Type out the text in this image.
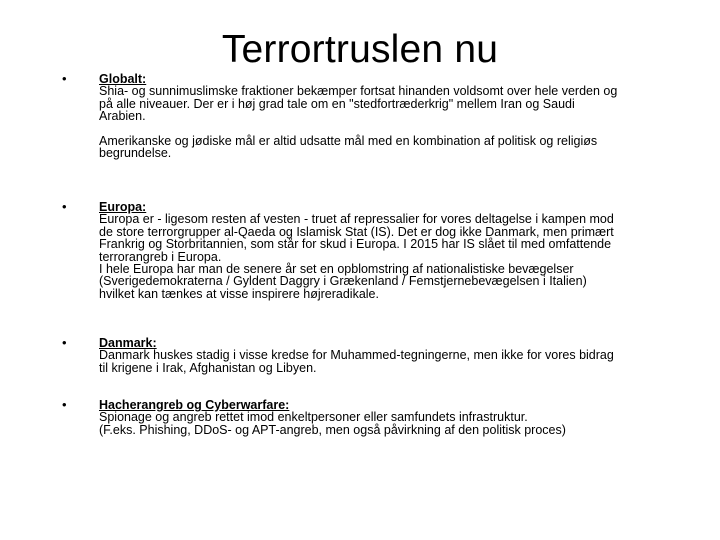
Terrortruslen nu
•	Globalt:
Shia- og sunnimuslimske fraktioner bekæmper fortsat hinanden voldsomt over hele verden og
på alle niveauer. Der er i høj grad tale om en "stedfortræderkrig" mellem Iran og Saudi
Arabien.
Amerikanske og jødiske mål er altid udsatte mål med en kombination af politisk og religiøs
begrundelse.
•	Europa:
Europa er - ligesom resten af vesten - truet af repressalier for vores deltagelse i kampen mod
de store terrorgrupper al-Qaeda og Islamisk Stat (IS). Det er dog ikke Danmark, men primært
Frankrig og Storbritannien, som står for skud i Europa. I 2015 har IS slået til med omfattende
terrorangreb i Europa.
I hele Europa har man de senere år set en opblomstring af nationalistiske bevægelser
(Sverigedemokraterna / Gyldent Daggry i Grækenland / Femstjernebevægelsen i Italien)
hvilket kan tænkes at visse inspirere højreradikale.
•	Danmark:
Danmark huskes stadig i visse kredse for Muhammed-tegningerne, men ikke for vores bidrag
til krigene i Irak, Afghanistan og Libyen.
•	Hacherangreb og Cyberwarfare:
Spionage og angreb rettet imod enkeltpersoner eller samfundets infrastruktur.
(F.eks. Phishing, DDoS- og APT-angreb, men også påvirkning af den politisk proces)
